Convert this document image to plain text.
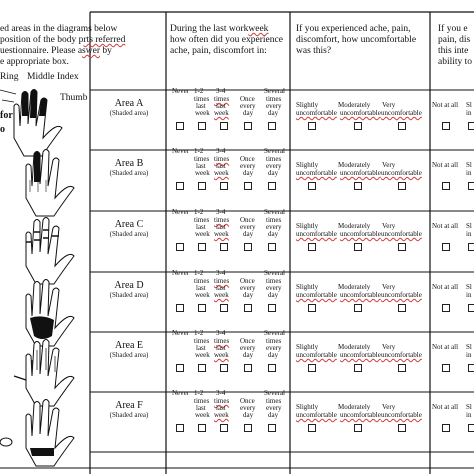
ed areas in the diagrams below
position of the body prts referred
uestionnaire. Please aswer by
e appropriate box.
During the last workweek
how often did you experience
ache, pain, discomfort in:
If you experienced ache, pain,
discomfort, how uncomfortable
was this?
If you e
pain, dis
this inte
ability to
Ring Middle Index
Thumb
for
o
Area A
(Shaded area)
Never 1-2
times
last
week
3-4
times
last
week
Once
every
day
Several
times
every
day
Slightly
uncomfortable
Moderately
uncomfortable
Very
uncomfortable
Not at all Sl
in
Area B
(Shaded area)
Never 1-2
times
last
week
3-4
times
last
week
Once
every
day
Several
times
every
day
Slightly
uncomfortable
Moderately
uncomfortable
Very
uncomfortable
Not at all Sl
in
Area C
(Shaded area)
Never 1-2
times
last
week
3-4
times
last
week
Once
every
day
Several
times
every
day
Slightly
uncomfortable
Moderately
uncomfortable
Very
uncomfortable
Not at all Sl
in
Area D
(Shaded area)
Never 1-2
times
last
week
3-4
times
last
week
Once
every
day
Several
times
every
day
Slightly
uncomfortable
Moderately
uncomfortable
Very
uncomfortable
Not at all Sl
in
Area E
(Shaded area)
Never 1-2
times
last
week
3-4
times
last
week
Once
every
day
Several
times
every
day
Slightly
uncomfortable
Moderately
uncomfortable
Very
uncomfortable
Not at all Sl
in
Area F
(Shaded area)
Never 1-2
times
last
week
3-4
times
last
week
Once
every
day
Several
times
every
day
Slightly
uncomfortable
Moderately
uncomfortable
Very
uncomfortable
Not at all Sl
in
